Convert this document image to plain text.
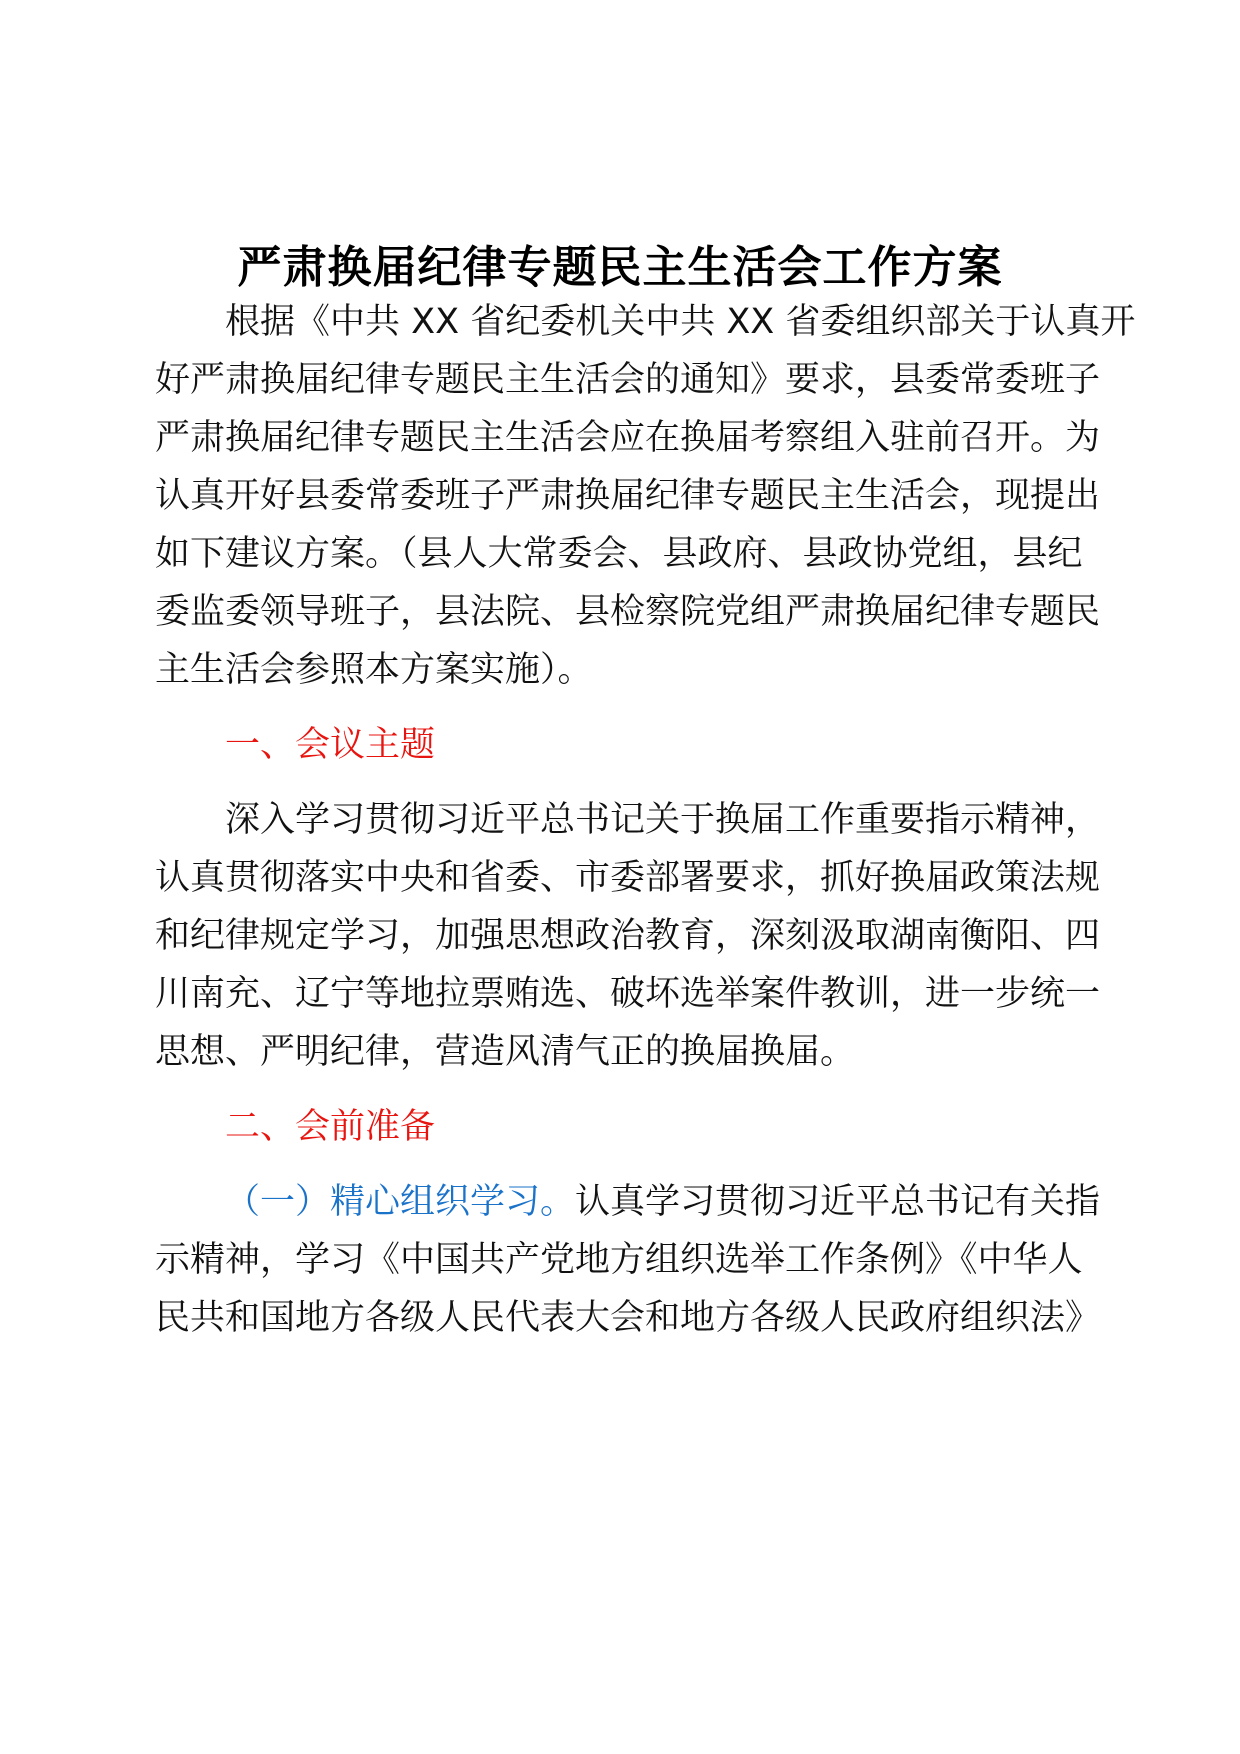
严肃换届纪律专题民主生活会工作方案
根据《中共 XX 省纪委机关中共 XX 省委组织部关于认真开
好严肃换届纪律专题民主生活会的通知》要求，县委常委班子
严肃换届纪律专题民主生活会应在换届考察组入驻前召开。为
认真开好县委常委班子严肃换届纪律专题民主生活会，现提出
如下建议方案。（县人大常委会、县政府、县政协党组，县纪
委监委领导班子，县法院、县检察院党组严肃换届纪律专题民
主生活会参照本方案实施）。
一、会议主题
深入学习贯彻习近平总书记关于换届工作重要指示精神，
认真贯彻落实中央和省委、市委部署要求，抓好换届政策法规
和纪律规定学习，加强思想政治教育，深刻汲取湖南衡阳、四
川南充、辽宁等地拉票贿选、破坏选举案件教训，进一步统一
思想、严明纪律，营造风清气正的换届换届。
二、会前准备
（一）精心组织学习。认真学习贯彻习近平总书记有关指
示精神，学习《中国共产党地方组织选举工作条例》《中华人
民共和国地方各级人民代表大会和地方各级人民政府组织法》
